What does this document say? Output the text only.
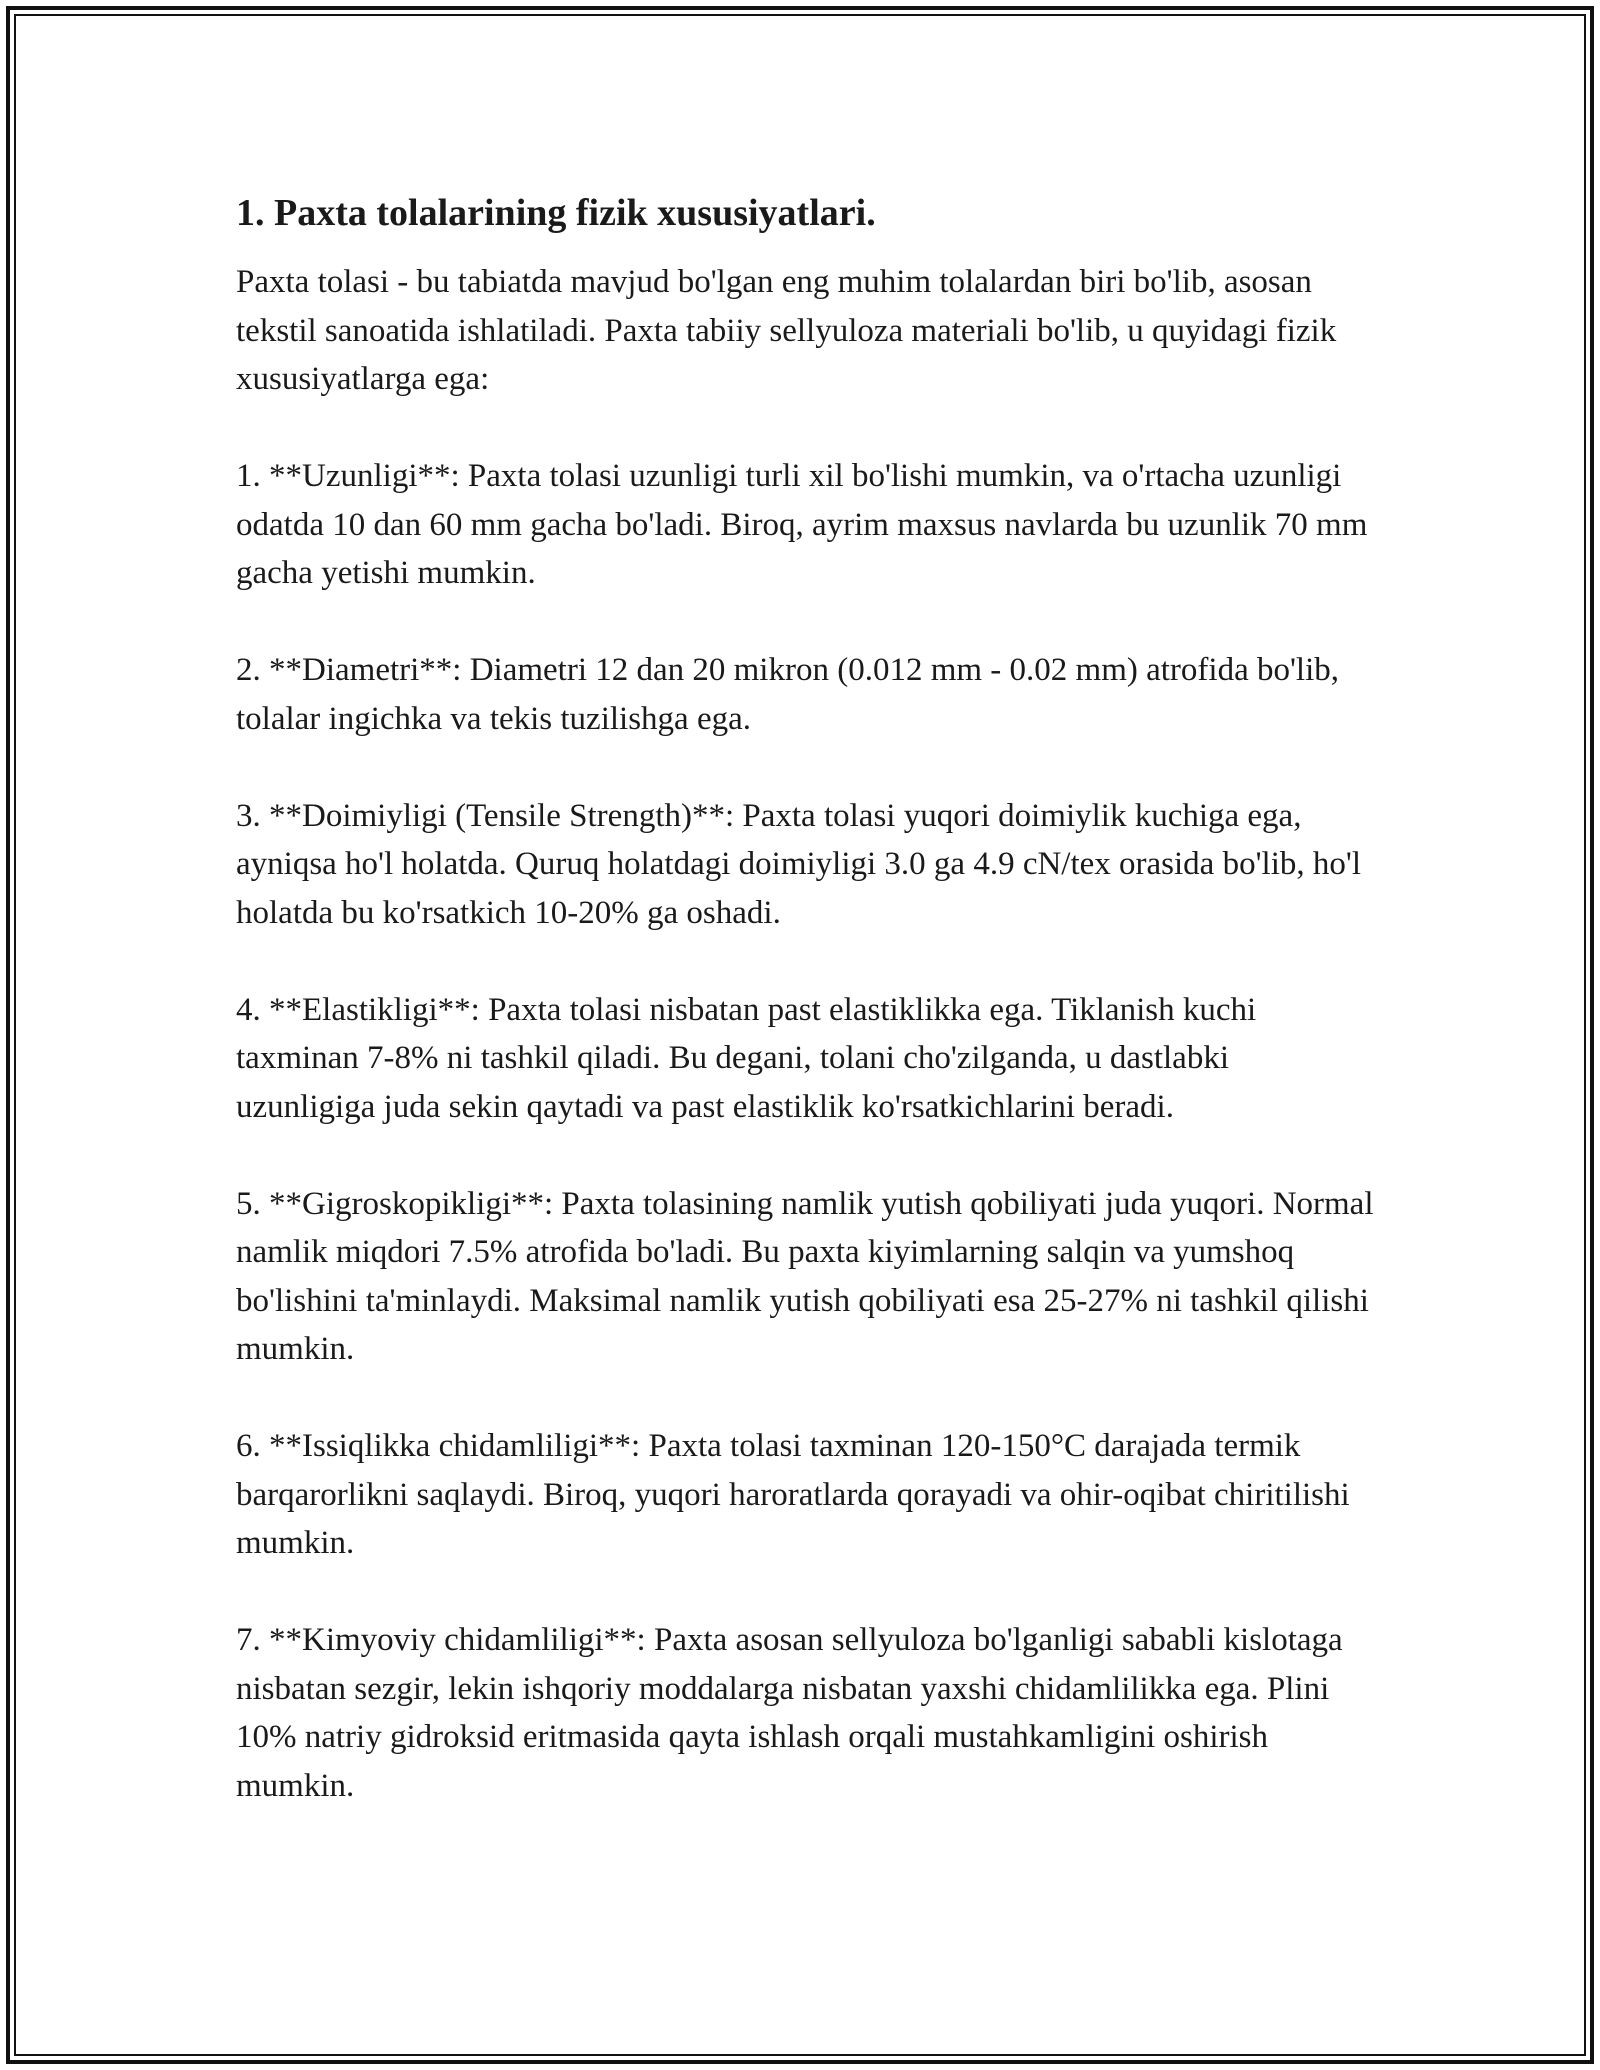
1. Paxta tolalarining fizik xususiyatlari.

Paxta tolasi - bu tabiatda mavjud bo'lgan eng muhim tolalardan biri bo'lib, asosan tekstil sanoatida ishlatiladi. Paxta tabiiy sellyuloza materiali bo'lib, u quyidagi fizik xususiyatlarga ega:

1. **Uzunligi**: Paxta tolasi uzunligi turli xil bo'lishi mumkin, va o'rtacha uzunligi odatda 10 dan 60 mm gacha bo'ladi. Biroq, ayrim maxsus navlarda bu uzunlik 70 mm gacha yetishi mumkin.

2. **Diametri**: Diametri 12 dan 20 mikron (0.012 mm - 0.02 mm) atrofida bo'lib, tolalar ingichka va tekis tuzilishga ega.

3. **Doimiyligi (Tensile Strength)**: Paxta tolasi yuqori doimiylik kuchiga ega, ayniqsa ho'l holatda. Quruq holatdagi doimiyligi 3.0 ga 4.9 cN/tex orasida bo'lib, ho'l holatda bu ko'rsatkich 10-20% ga oshadi.

4. **Elastikligi**: Paxta tolasi nisbatan past elastiklikka ega. Tiklanish kuchi taxminan 7-8% ni tashkil qiladi. Bu degani, tolani cho'zilganda, u dastlabki uzunligiga juda sekin qaytadi va past elastiklik ko'rsatkichlarini beradi.

5. **Gigroskopikligi**: Paxta tolasining namlik yutish qobiliyati juda yuqori. Normal namlik miqdori 7.5% atrofida bo'ladi. Bu paxta kiyimlarning salqin va yumshoq bo'lishini ta'minlaydi. Maksimal namlik yutish qobiliyati esa 25-27% ni tashkil qilishi mumkin.

6. **Issiqlikka chidamliligi**: Paxta tolasi taxminan 120-150°C darajada termik barqarorlikni saqlaydi. Biroq, yuqori haroratlarda qorayadi va ohir-oqibat chiritilishi mumkin.

7. **Kimyoviy chidamliligi**: Paxta asosan sellyuloza bo'lganligi sababli kislotaga nisbatan sezgir, lekin ishqoriy moddalarga nisbatan yaxshi chidamlilikka ega. Plini 10% natriy gidroksid eritmasida qayta ishlash orqali mustahkamligini oshirish mumkin.
